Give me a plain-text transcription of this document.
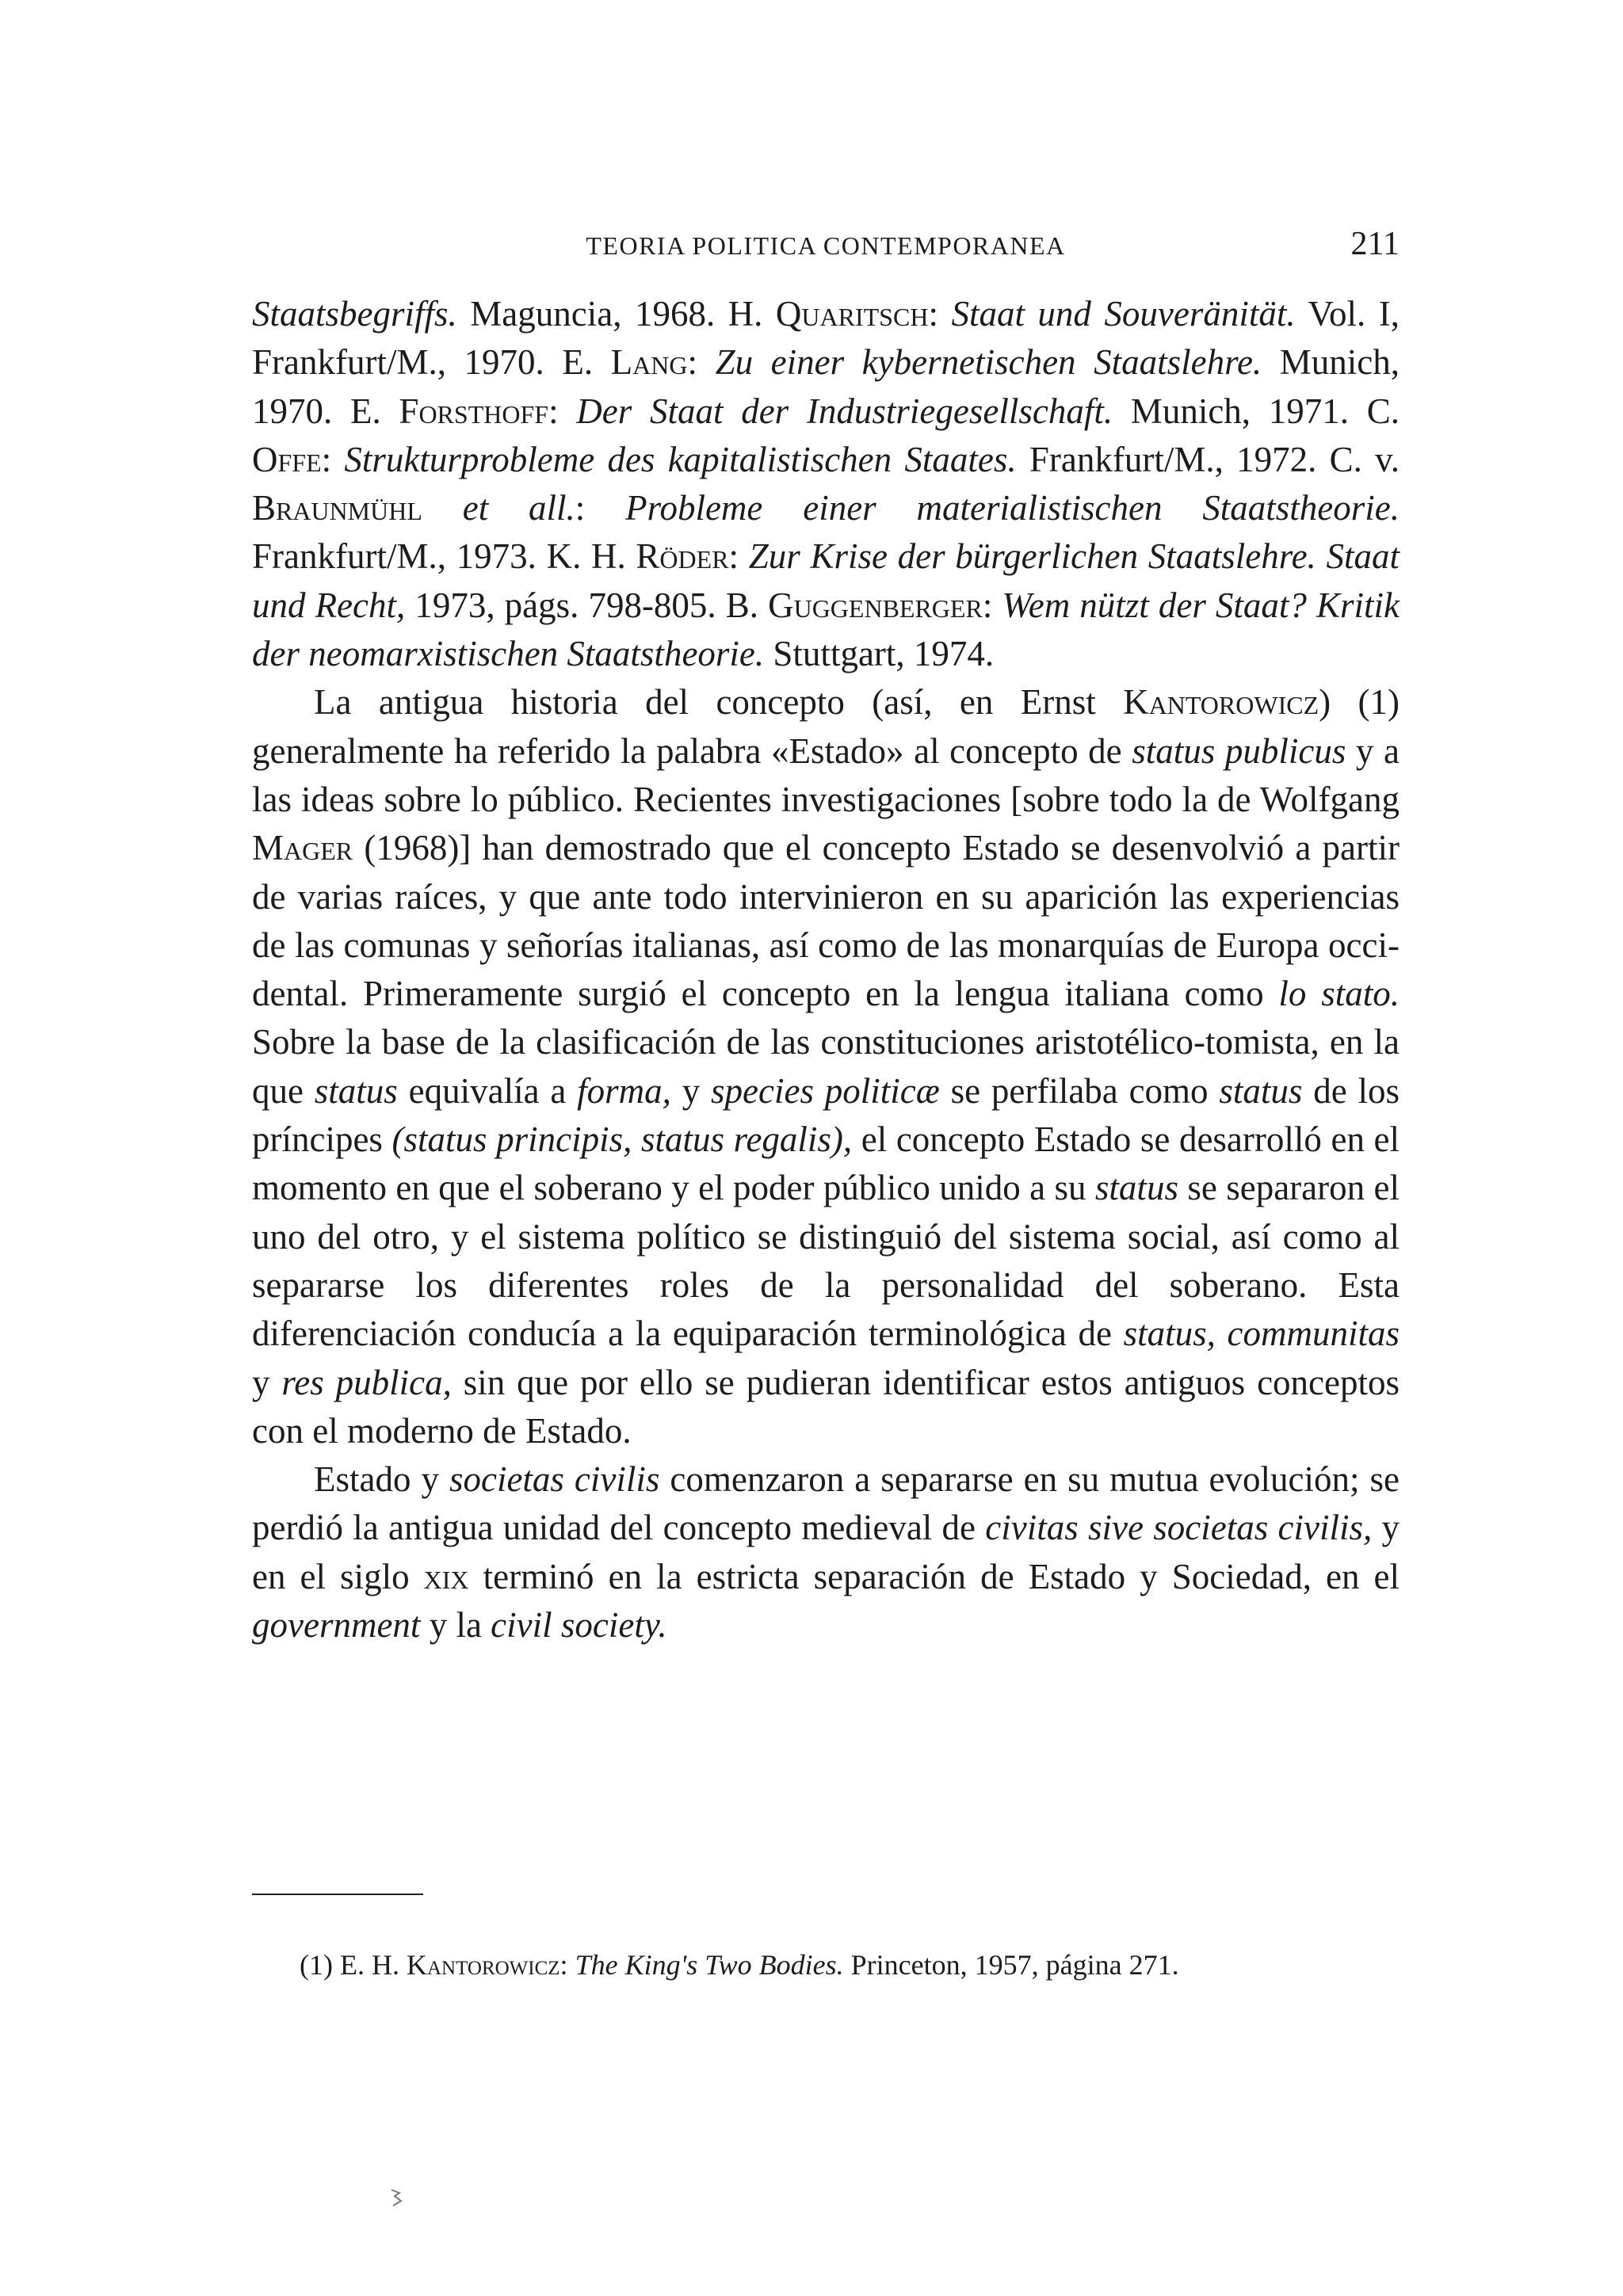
TEORIA POLITICA CONTEMPORANEA	211

Staatsbegriffs. Maguncia, 1968. H. Quaritsch: Staat und Souveränität. Vol. I, Frankfurt/M., 1970. E. Lang: Zu einer kybernetischen Staatslehre. Munich, 1970. E. Forsthoff: Der Staat der Industriegesellschaft. Munich, 1971. C. Offe: Strukturprobleme des kapitalistischen Staates. Frankfurt/M., 1972. C. v. Braunmühl et all.: Probleme einer materialistischen Staatstheorie. Frankfurt/M., 1973. K. H. Röder: Zur Krise der bürgerlichen Staatslehre. Staat und Recht, 1973, págs. 798-805. B. Guggenberger: Wem nützt der Staat? Kritik der neomarxistischen Staatstheorie. Stuttgart, 1974.

La antigua historia del concepto (así, en Ernst Kantorowicz) (1) generalmente ha referido la palabra «Estado» al concepto de status publicus y a las ideas sobre lo público. Recientes investigaciones [sobre todo la de Wolfgang Mager (1968)] han demostrado que el concepto Estado se desenvolvió a partir de varias raíces, y que ante todo intervinieron en su aparición las experiencias de las comunas y señorías italianas, así como de las monarquías de Europa occidental. Primeramente surgió el concepto en la lengua italiana como lo stato. Sobre la base de la clasificación de las constituciones aristotélico-tomista, en la que status equivalía a forma, y species politicæ se perfilaba como status de los príncipes (status principis, status regalis), el concepto Estado se desarrolló en el momento en que el soberano y el poder público unido a su status se separaron el uno del otro, y el sistema político se distinguió del sistema social, así como al separarse los diferentes roles de la personalidad del soberano. Esta diferenciación conducía a la equiparación terminológica de status, communitas y res publica, sin que por ello se pudieran identificar estos antiguos conceptos con el moderno de Estado.

Estado y societas civilis comenzaron a separarse en su mutua evolución; se perdió la antigua unidad del concepto medieval de civitas sive societas civilis, y en el siglo xix terminó en la estricta separación de Estado y Sociedad, en el government y la civil society.

(1) E. H. Kantorowicz: The King's Two Bodies. Princeton, 1957, página 271.
